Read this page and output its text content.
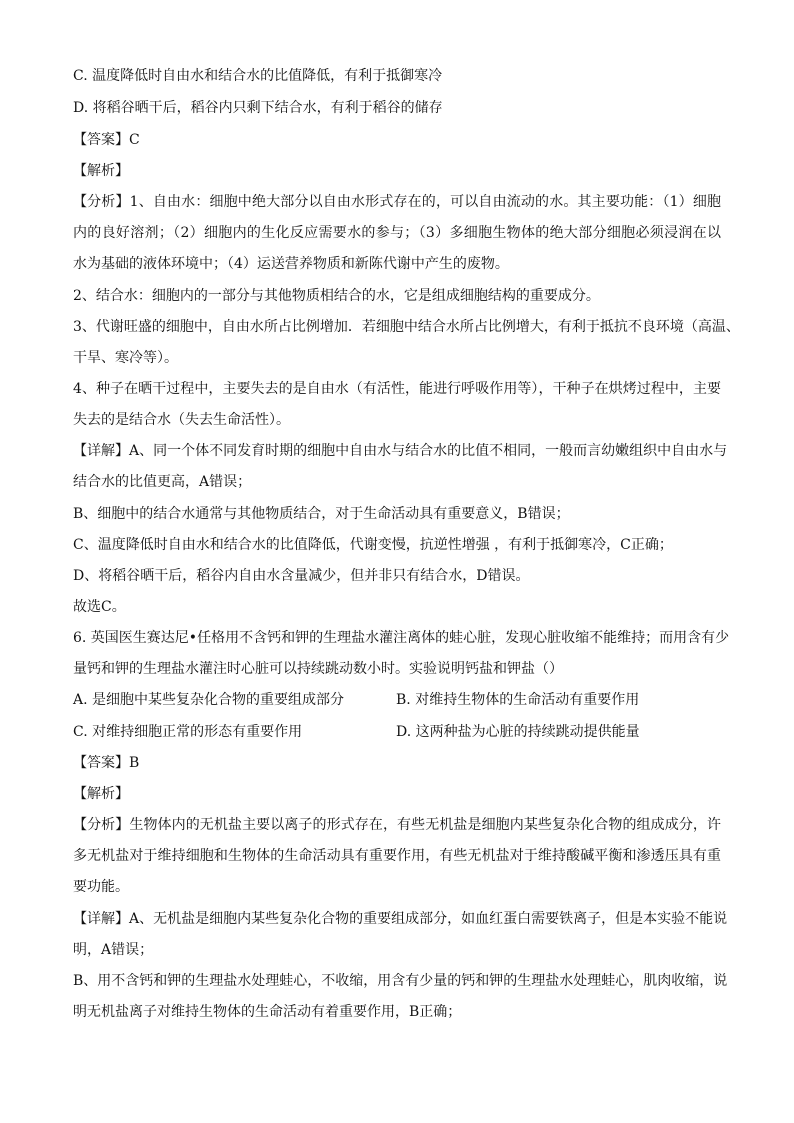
C. 温度降低时自由水和结合水的比值降低，有利于抵御寒冷
D. 将稻谷晒干后，稻谷内只剩下结合水，有利于稻谷的储存
【答案】C
【解析】
【分析】1、自由水：细胞中绝大部分以自由水形式存在的，可以自由流动的水。其主要功能：（1）细胞
内的良好溶剂；（2）细胞内的生化反应需要水的参与；（3）多细胞生物体的绝大部分细胞必须浸润在以
水为基础的液体环境中；（4）运送营养物质和新陈代谢中产生的废物。
2、结合水：细胞内的一部分与其他物质相结合的水，它是组成细胞结构的重要成分。
3、代谢旺盛的细胞中，自由水所占比例增加．若细胞中结合水所占比例增大，有利于抵抗不良环境（高温、
干旱、寒冷等）。
4、种子在晒干过程中，主要失去的是自由水（有活性，能进行呼吸作用等），干种子在烘烤过程中，主要
失去的是结合水（失去生命活性）。
【详解】A、同一个体不同发育时期的细胞中自由水与结合水的比值不相同，一般而言幼嫩组织中自由水与
结合水的比值更高，A错误；
B、细胞中的结合水通常与其他物质结合，对于生命活动具有重要意义，B错误；
C、温度降低时自由水和结合水的比值降低，代谢变慢，抗逆性增强 ，有利于抵御寒冷，C正确；
D、将稻谷晒干后，稻谷内自由水含量减少，但并非只有结合水，D错误。
故选C。
6. 英国医生赛达尼•任格用不含钙和钾的生理盐水灌注离体的蛙心脏，发现心脏收缩不能维持；而用含有少
量钙和钾的生理盐水灌注时心脏可以持续跳动数小时。实验说明钙盐和钾盐（）
A. 是细胞中某些复杂化合物的重要组成部分	B. 对维持生物体的生命活动有重要作用
C. 对维持细胞正常的形态有重要作用	D. 这两种盐为心脏的持续跳动提供能量
【答案】B
【解析】
【分析】生物体内的无机盐主要以离子的形式存在，有些无机盐是细胞内某些复杂化合物的组成成分，许
多无机盐对于维持细胞和生物体的生命活动具有重要作用，有些无机盐对于维持酸碱平衡和渗透压具有重
要功能。
【详解】A、无机盐是细胞内某些复杂化合物的重要组成部分，如血红蛋白需要铁离子，但是本实验不能说
明，A错误；
B、用不含钙和钾的生理盐水处理蛙心，不收缩，用含有少量的钙和钾的生理盐水处理蛙心，肌肉收缩，说
明无机盐离子对维持生物体的生命活动有着重要作用，B正确；
